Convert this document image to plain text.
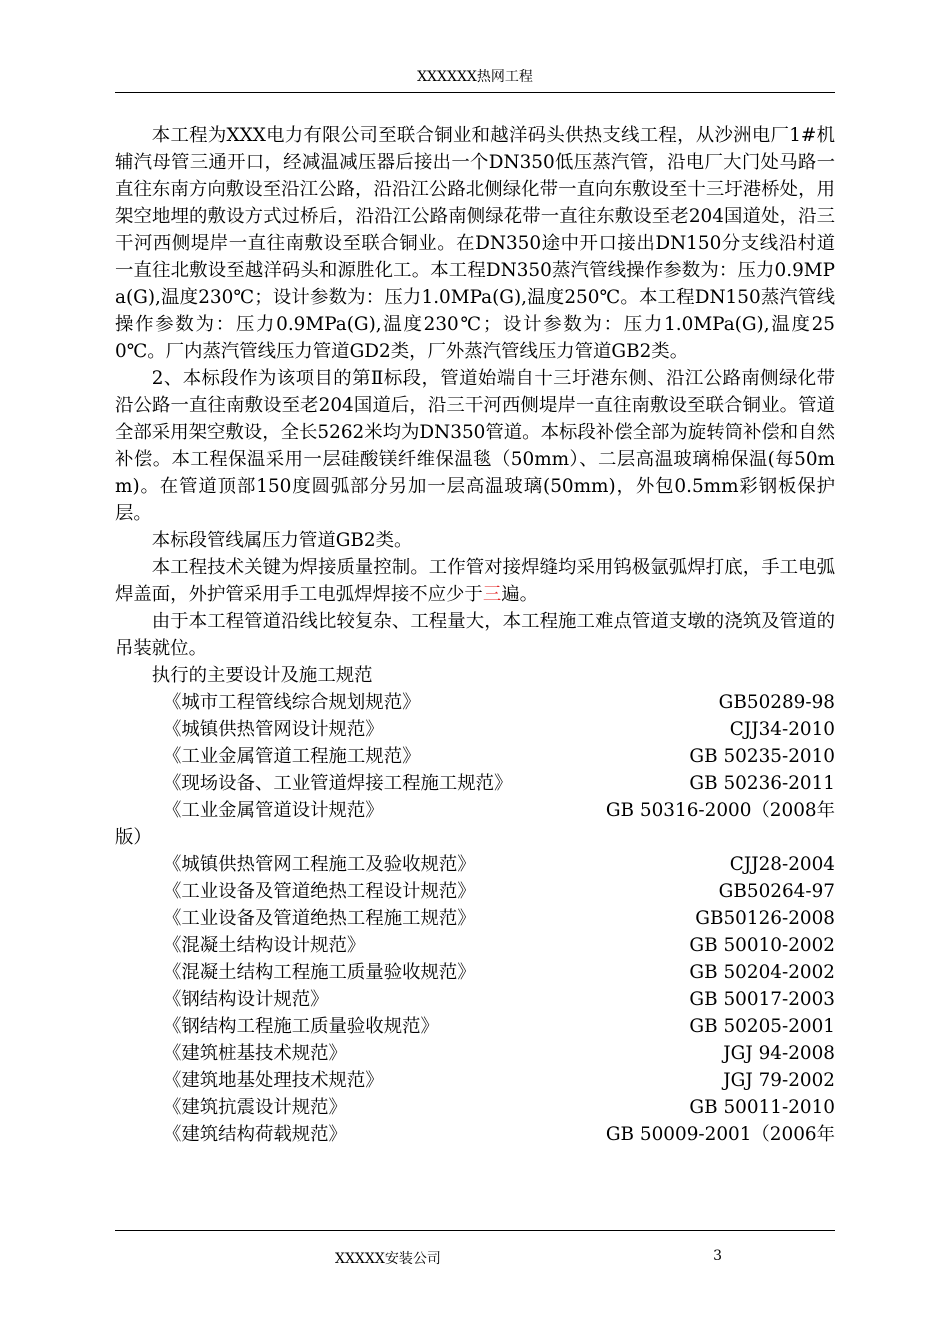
XXXXXX热网工程

本工程为XXX电力有限公司至联合铜业和越洋码头供热支线工程，从沙洲电厂1#机辅汽母管三通开口，经减温减压器后接出一个DN350低压蒸汽管，沿电厂大门处马路一直往东南方向敷设至沿江公路，沿沿江公路北侧绿化带一直向东敷设至十三圩港桥处，用架空地埋的敷设方式过桥后，沿沿江公路南侧绿花带一直往东敷设至老204国道处，沿三干河西侧堤岸一直往南敷设至联合铜业。在DN350途中开口接出DN150分支线沿村道一直往北敷设至越洋码头和源胜化工。本工程DN350蒸汽管线操作参数为：压力0.9MPa(G),温度230℃；设计参数为：压力1.0MPa(G),温度250℃。本工程DN150蒸汽管线操作参数为：压力0.9MPa(G),温度230℃；设计参数为：压力1.0MPa(G),温度250℃。厂内蒸汽管线压力管道GD2类，厂外蒸汽管线压力管道GB2类。

2、本标段作为该项目的第Ⅱ标段，管道始端自十三圩港东侧、沿江公路南侧绿化带沿公路一直往南敷设至老204国道后，沿三干河西侧堤岸一直往南敷设至联合铜业。管道全部采用架空敷设，全长5262米均为DN350管道。本标段补偿全部为旋转筒补偿和自然补偿。本工程保温采用一层硅酸镁纤维保温毯（50mm）、二层高温玻璃棉保温(每50mm)。在管道顶部150度圆弧部分另加一层高温玻璃(50mm)，外包0.5mm彩钢板保护层。

本标段管线属压力管道GB2类。

本工程技术关键为焊接质量控制。工作管对接焊缝均采用钨极氩弧焊打底，手工电弧焊盖面，外护管采用手工电弧焊焊接不应少于三遍。

由于本工程管道沿线比较复杂、工程量大，本工程施工难点管道支墩的浇筑及管道的吊装就位。

执行的主要设计及施工规范

《城市工程管线综合规划规范》	GB50289-98
《城镇供热管网设计规范》	CJJ34-2010
《工业金属管道工程施工规范》	GB 50235-2010
《现场设备、工业管道焊接工程施工规范》	GB 50236-2011
《工业金属管道设计规范》	GB 50316-2000（2008年
版）
《城镇供热管网工程施工及验收规范》	CJJ28-2004
《工业设备及管道绝热工程设计规范》	GB50264-97
《工业设备及管道绝热工程施工规范》	GB50126-2008
《混凝土结构设计规范》	GB 50010-2002
《混凝土结构工程施工质量验收规范》	GB 50204-2002
《钢结构设计规范》	GB 50017-2003
《钢结构工程施工质量验收规范》	GB 50205-2001
《建筑桩基技术规范》	JGJ 94-2008
《建筑地基处理技术规范》	JGJ 79-2002
《建筑抗震设计规范》	GB 50011-2010
《建筑结构荷载规范》	GB 50009-2001（2006年
XXXXX安装公司	3
